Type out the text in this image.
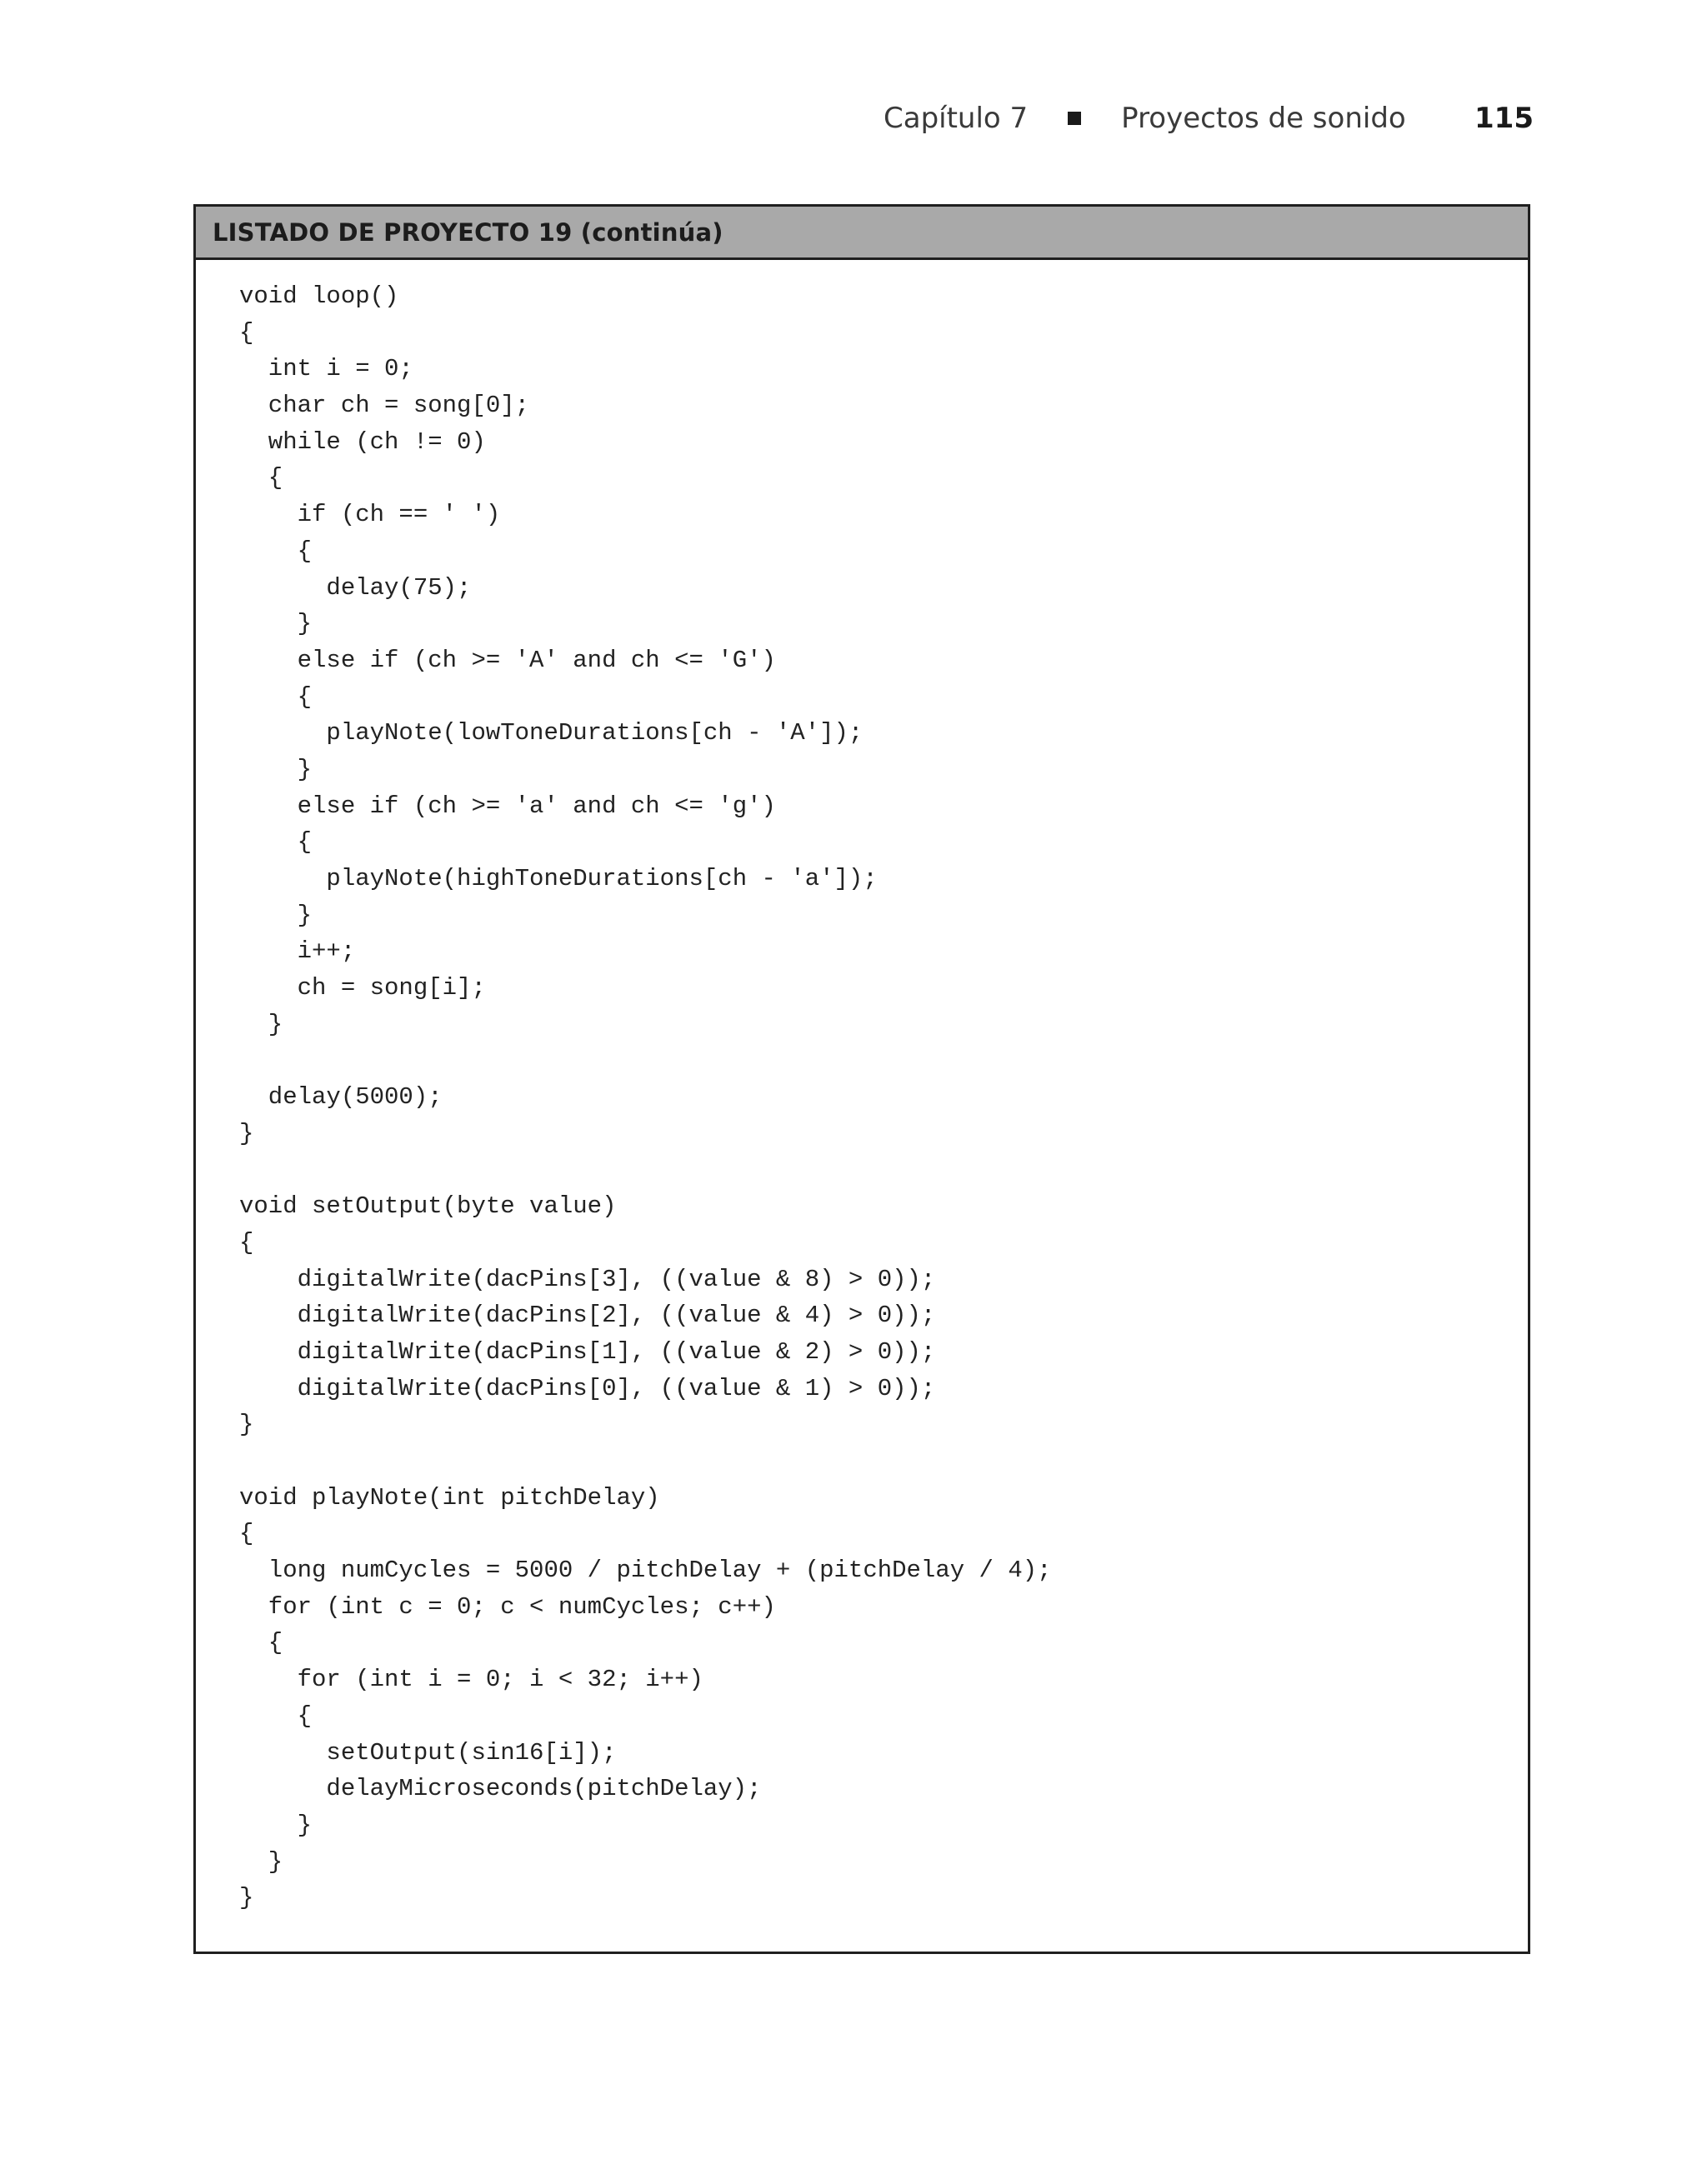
Capítulo 7	Proyectos de sonido 115
LISTADO DE PROYECTO 19 (continúa)
void loop()
{
int i = 0;
char ch = song[0];
while (ch != 0)
{
if (ch == ' ')
{
delay(75);
}
else if (ch >= 'A' and ch <= 'G')
{
playNote(lowToneDurations[ch - 'A']);
}
else if (ch >= 'a' and ch <= 'g')
{
playNote(highToneDurations[ch - 'a']);
}
i++;
ch = song[i];
}
delay(5000);
}
void setOutput(byte value)
{
digitalWrite(dacPins[3], ((value & 8) > 0));
digitalWrite(dacPins[2], ((value & 4) > 0));
digitalWrite(dacPins[1], ((value & 2) > 0));
digitalWrite(dacPins[0], ((value & 1) > 0));
}
void playNote(int pitchDelay)
{
long numCycles = 5000 / pitchDelay + (pitchDelay / 4);
for (int c = 0; c < numCycles; c++)
{
for (int i = 0; i < 32; i++)
{
setOutput(sin16[i]);
delayMicroseconds(pitchDelay);
}
}
}
